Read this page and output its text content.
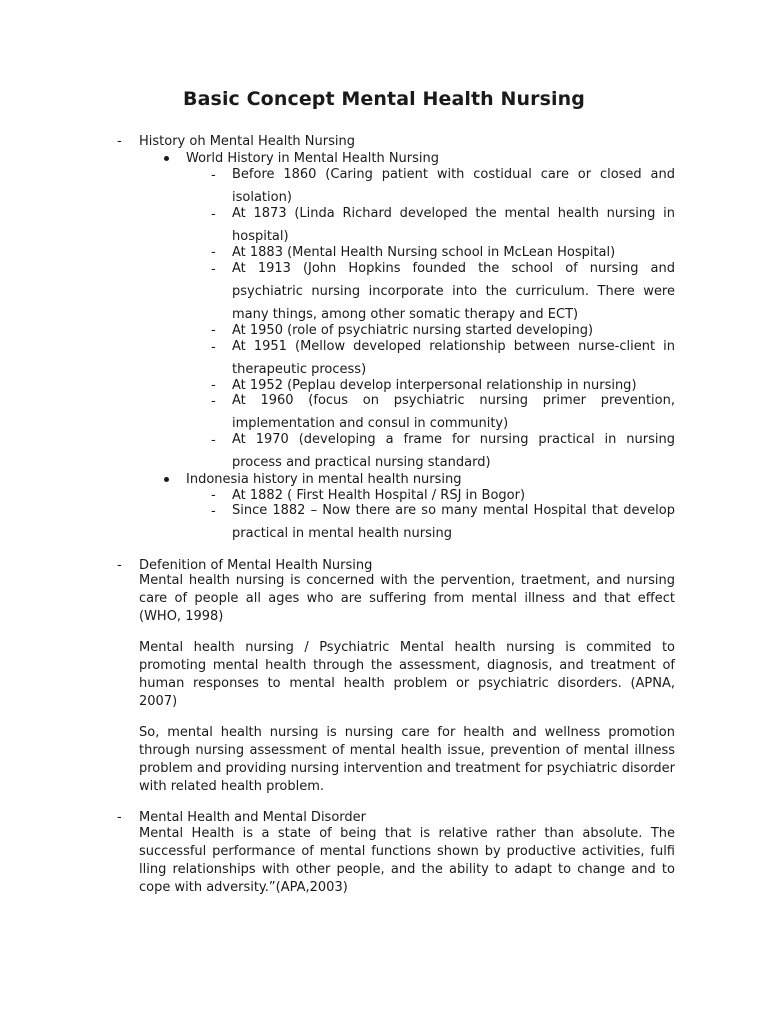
Basic Concept Mental Health Nursing
- History oh Mental Health Nursing
World History in Mental Health Nursing
- Before 1860 (Caring patient with costidual care or closed and isolation)
- At 1873 (Linda Richard developed the mental health nursing in hospital)
- At 1883 (Mental Health Nursing school in McLean Hospital)
- At 1913 (John Hopkins founded the school of nursing and psychiatric nursing incorporate into the curriculum. There were many things, among other somatic therapy and ECT)
- At 1950 (role of psychiatric nursing started developing)
- At 1951 (Mellow developed relationship between nurse-client in therapeutic process)
- At 1952 (Peplau develop interpersonal relationship in nursing)
- At 1960 (focus on psychiatric nursing primer prevention, implementation and consul in community)
- At 1970 (developing a frame for nursing practical in nursing process and practical nursing standard)
Indonesia history in mental health nursing
- At 1882 ( First Health Hospital / RSJ in Bogor)
- Since 1882 – Now there are so many mental Hospital that develop practical in mental health nursing
- Defenition of Mental Health Nursing
Mental health nursing is concerned with the pervention, traetment, and nursing care of people all ages who are suffering from mental illness and that effect (WHO, 1998)
Mental health nursing / Psychiatric Mental health nursing is commited to promoting mental health through the assessment, diagnosis, and treatment of human responses to mental health problem or psychiatric disorders. (APNA, 2007)
So, mental health nursing is nursing care for health and wellness promotion through nursing assessment of mental health issue, prevention of mental illness problem and providing nursing intervention and treatment for psychiatric disorder with related health problem.
- Mental Health and Mental Disorder
Mental Health is a state of being that is relative rather than absolute. The successful performance of mental functions shown by productive activities, fulﬁ lling relationships with other people, and the ability to adapt to change and to cope with adversity.”(APA,2003)
